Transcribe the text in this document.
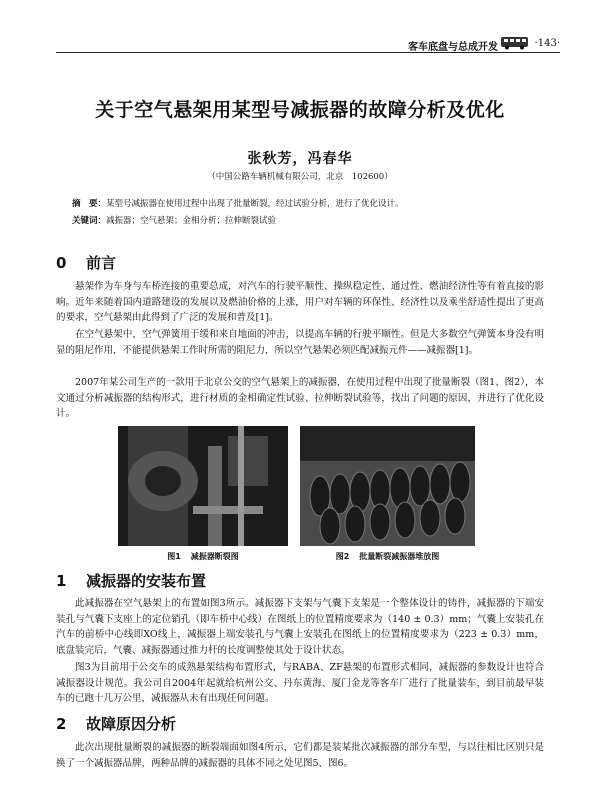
客车底盘与总成开发	·143·
关于空气悬架用某型号减振器的故障分析及优化
张秋芳，冯春华
（中国公路车辆机械有限公司，北京　102600）
摘　要：某型号减振器在使用过程中出现了批量断裂，经过试验分析，进行了优化设计。
关键词：减振器；空气悬架；金相分析；拉伸断裂试验
0 前言

悬架作为车身与车桥连接的重要总成，对汽车的行驶平顺性、操纵稳定性、通过性、燃油经济性等有着直接的影响。近年来随着国内道路建设的发展以及燃油价格的上涨，用户对车辆的环保性、经济性以及乘坐舒适性提出了更高的要求，空气悬架由此得到了广泛的发展和普及[1]。

在空气悬架中，空气弹簧用于缓和来自地面的冲击，以提高车辆的行驶平顺性。但是大多数空气弹簧本身没有明显的阻尼作用，不能提供悬架工作时所需的阻尼力，所以空气悬架必须匹配减振元件——减振器[1]。

2007年某公司生产的一款用于北京公交的空气悬架上的减振器，在使用过程中出现了批量断裂（图1、图2），本文通过分析减振器的结构形式，进行材质的金相确定性试验、拉伸断裂试验等，找出了问题的原因，并进行了优化设计。

图1 减振器断裂图	图2 批量断裂减振器堆放图
1 减振器的安装布置

此减振器在空气悬架上的布置如图3所示。减振器下支架与气囊下支架是一个整体设计的铸件，减振器的下端安装孔与气囊下支座上的定位销孔（即车桥中心线）在图纸上的位置精度要求为（140 ± 0.3）mm；气囊上安装孔在汽车的前桥中心线即XO线上，减振器上端安装孔与气囊上安装孔在图纸上的位置精度要求为（223 ± 0.3）mm，底盘装完后，气囊、减振器通过推力杆的长度调整使其处于设计状态。

图3为目前用于公交车的成熟悬架结构布置形式，与RABA、ZF悬架的布置形式相同，减振器的参数设计也符合减振器设计规范。我公司自2004年起就给杭州公交、丹东黄海、厦门金龙等客车厂进行了批量装车，到目前最早装车的已跑十几万公里，减振器从未有出现任何问题。

2 故障原因分析

此次出现批量断裂的减振器的断裂端面如图4所示，它们都是装某批次减振器的部分车型，与以往相比区别只是换了一个减振器品牌，两种品牌的减振器的具体不同之处见图5、图6。
